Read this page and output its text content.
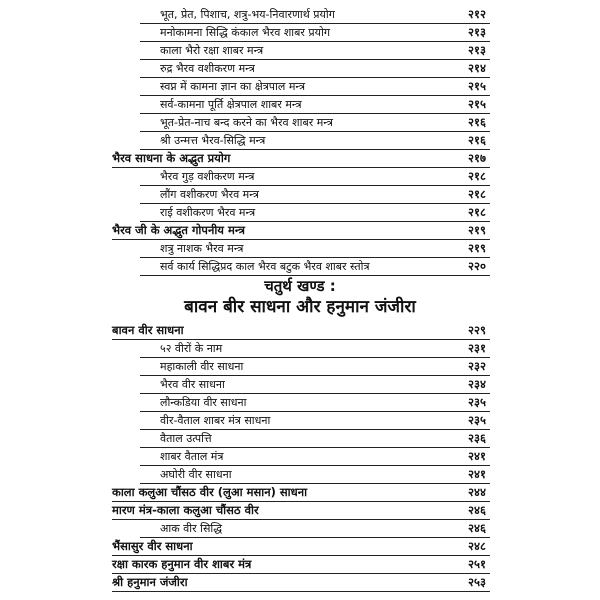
भूत, प्रेत, पिशाच, शत्रु-भय-निवारणार्थ प्रयोग	२१२
मनोकामना सिद्धि कंकाल भैरव शाबर प्रयोग	२१३
काला भैरो रक्षा शाबर मन्त्र	२१३
रुद्र भैरव वशीकरण मन्त्र	२१४
स्वप्न में कामना ज्ञान का क्षेत्रपाल मन्त्र	२१५
सर्व-कामना पूर्ति क्षेत्रपाल शाबर मन्त्र	२१५
भूत-प्रेत-नाच बन्द करने का भैरव शाबर मन्त्र	२१६
श्री उन्मत्त भैरव-सिद्धि मन्त्र	२१६
भैरव साधना के अद्भुत प्रयोग	२१७
भैरव गुड़ वशीकरण मन्त्र	२१८
लौंग वशीकरण भैरव मन्त्र	२१८
राई वशीकरण भैरव मन्त्र	२१८
भैरव जी के अद्भुत गोपनीय मन्त्र	२१९
शत्रु नाशक भैरव मन्त्र	२१९
सर्व कार्य सिद्धिप्रद काल भैरव बटुक भैरव शाबर स्तोत्र	२२०
चतुर्थ खण्ड :
बावन बीर साधना और हनुमान जंजीरा
बावन वीर साधना	२२९
५२ वीरों के नाम	२३१
महाकाली वीर साधना	२३२
भैरव वीर साधना	२३४
लौन्कडिया वीर साधना	२३५
वीर-वैताल शाबर मंत्र साधना	२३५
वैताल उत्पत्ति	२३६
शाबर वैताल मंत्र	२४१
अघोरी वीर साधना	२४१
काला कलुआ चौंसठ वीर (लुआ मसान) साधना	२४४
मारण मंत्र-काला कलुआ चौंसठ वीर	२४६
आक वीर सिद्धि	२४६
भैंसासुर वीर साधना	२४८
रक्षा कारक हनुमान वीर शाबर मंत्र	२५१
श्री हनुमान जंजीरा	२५३
